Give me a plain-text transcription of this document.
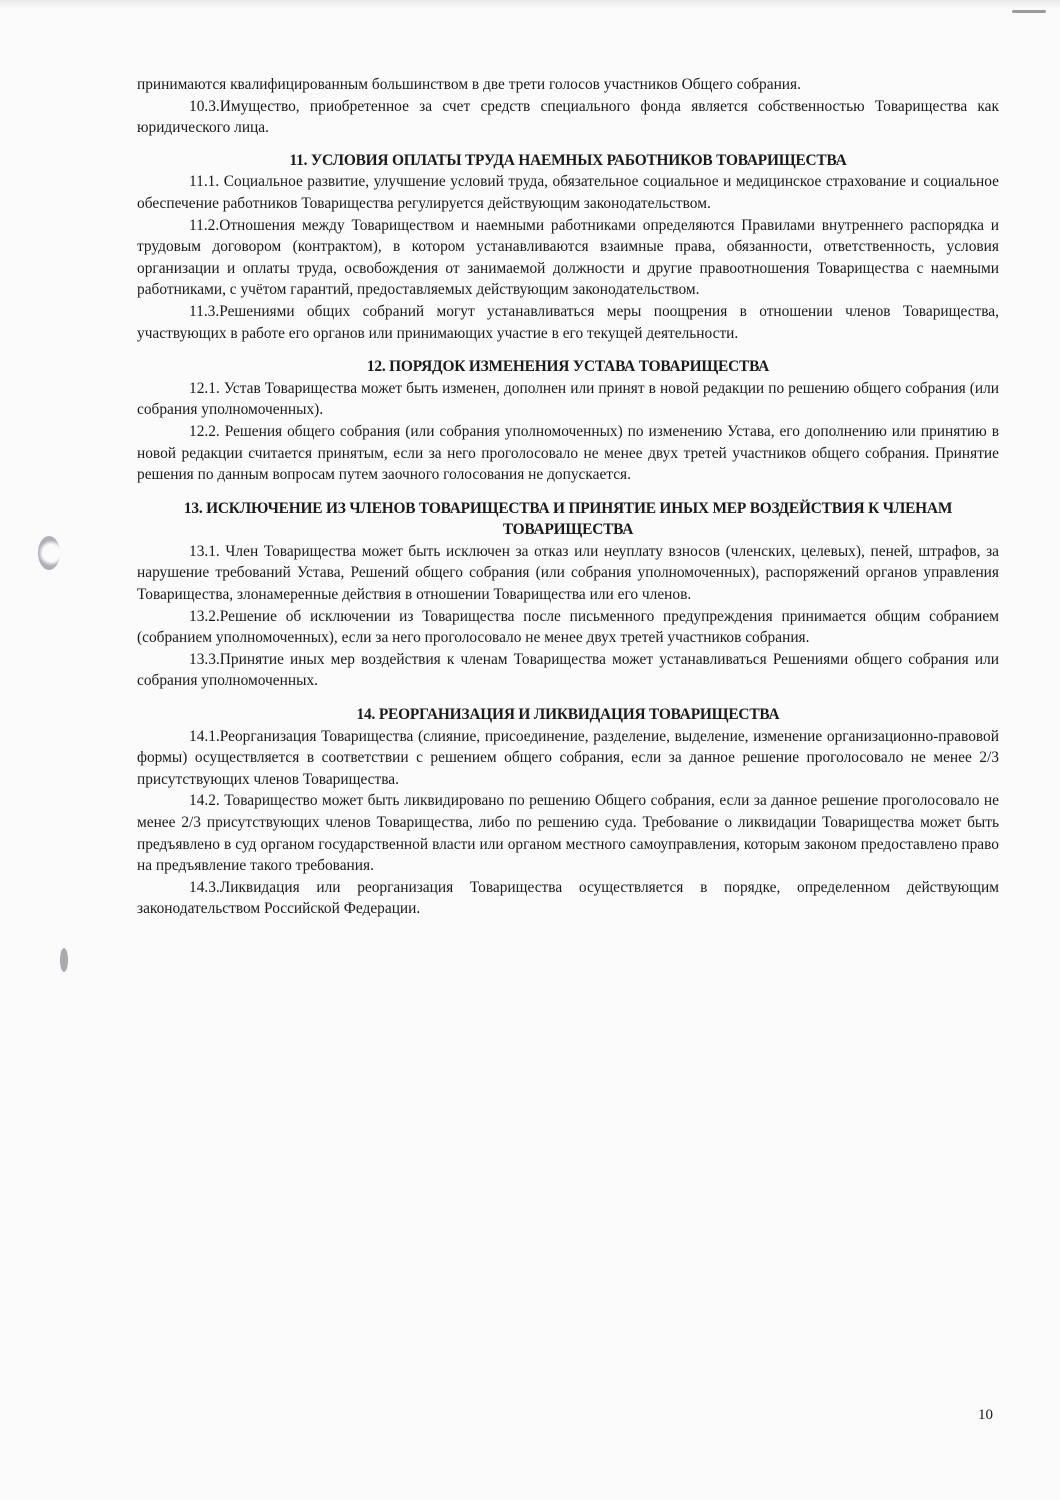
принимаются квалифицированным большинством в две трети голосов участников Общего собрания.

10.3.Имущество, приобретенное за счет средств специального фонда является собственностью Товарищества как юридического лица.

11. УСЛОВИЯ ОПЛАТЫ ТРУДА НАЕМНЫХ РАБОТНИКОВ ТОВАРИЩЕСТВА

11.1. Социальное развитие, улучшение условий труда, обязательное социальное и медицинское страхование и социальное обеспечение работников Товарищества регулируется действующим законодательством.

11.2.Отношения между Товариществом и наемными работниками определяются Правилами внутреннего распорядка и трудовым договором (контрактом), в котором устанавливаются взаимные права, обязанности, ответственность, условия организации и оплаты труда, освобождения от занимаемой должности и другие правоотношения Товарищества с наемными работниками, с учётом гарантий, предоставляемых действующим законодательством.

11.3.Решениями общих собраний могут устанавливаться меры поощрения в отношении членов Товарищества, участвующих в работе его органов или принимающих участие в его текущей деятельности.

12. ПОРЯДОК ИЗМЕНЕНИЯ УСТАВА ТОВАРИЩЕСТВА

12.1. Устав Товарищества может быть изменен, дополнен или принят в новой редакции по решению общего собрания (или собрания уполномоченных).

12.2. Решения общего собрания (или собрания уполномоченных) по изменению Устава, его дополнению или принятию в новой редакции считается принятым, если за него проголосовало не менее двух третей участников общего собрания. Принятие решения по данным вопросам путем заочного голосования не допускается.

13. ИСКЛЮЧЕНИЕ ИЗ ЧЛЕНОВ ТОВАРИЩЕСТВА И ПРИНЯТИЕ ИНЫХ МЕР ВОЗДЕЙСТВИЯ К ЧЛЕНАМ ТОВАРИЩЕСТВА

13.1. Член Товарищества может быть исключен за отказ или неуплату взносов (членских, целевых), пеней, штрафов, за нарушение требований Устава, Решений общего собрания (или собрания уполномоченных), распоряжений органов управления Товарищества, злонамеренные действия в отношении Товарищества или его членов.

13.2.Решение об исключении из Товарищества после письменного предупреждения принимается общим собранием (собранием уполномоченных), если за него проголосовало не менее двух третей участников собрания.

13.3.Принятие иных мер воздействия к членам Товарищества может устанавливаться Решениями общего собрания или собрания уполномоченных.

14. РЕОРГАНИЗАЦИЯ И ЛИКВИДАЦИЯ ТОВАРИЩЕСТВА

14.1.Реорганизация Товарищества (слияние, присоединение, разделение, выделение, изменение организационно-правовой формы) осуществляется в соответствии с решением общего собрания, если за данное решение проголосовало не менее 2/3 присутствующих членов Товарищества.

14.2. Товарищество может быть ликвидировано по решению Общего собрания, если за данное решение проголосовало не менее 2/3 присутствующих членов Товарищества, либо по решению суда. Требование о ликвидации Товарищества может быть предъявлено в суд органом государственной власти или органом местного самоуправления, которым законом предоставлено право на предъявление такого требования.

14.3.Ликвидация или реорганизация Товарищества осуществляется в порядке, определенном действующим законодательством Российской Федерации.

10
